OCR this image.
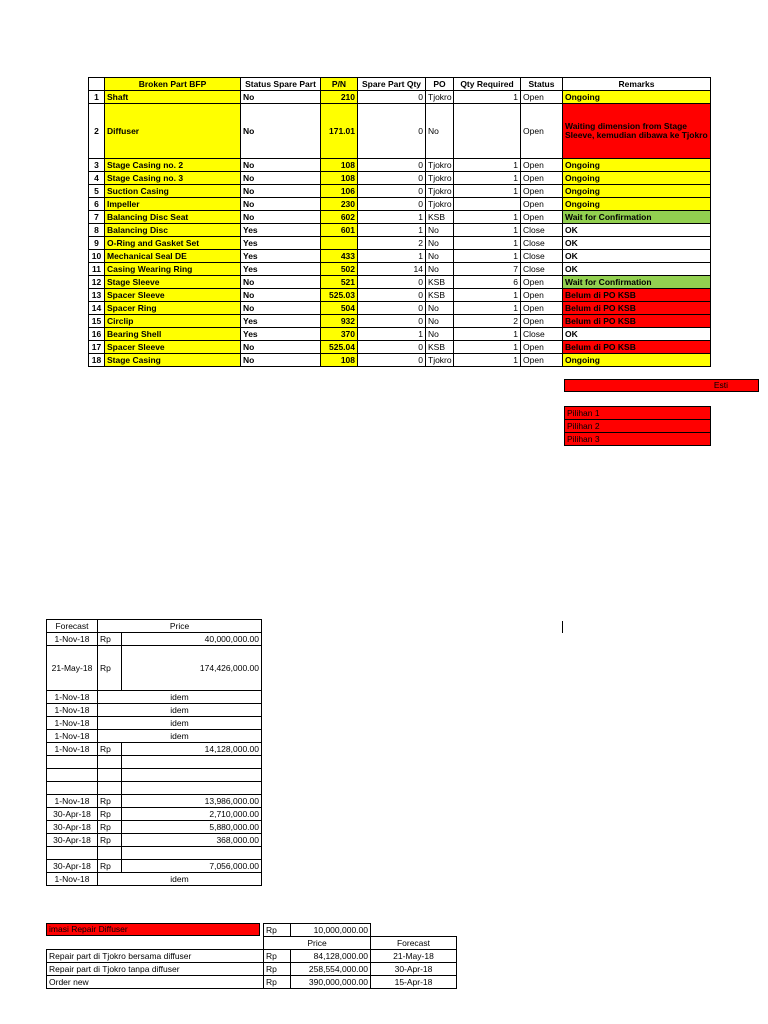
	Broken Part BFP	Status Spare Part	P/N	Spare Part Qty	PO	Qty Required	Status	Remarks
1	Shaft	No	210	0	Tjokro	1	Open	Ongoing
2	Diffuser	No	171.01	0	No		Open	Waiting dimension from Stage Sleeve, kemudian dibawa ke Tjokro
3	Stage Casing no. 2	No	108	0	Tjokro	1	Open	Ongoing
4	Stage Casing no. 3	No	108	0	Tjokro	1	Open	Ongoing
5	Suction Casing	No	106	0	Tjokro	1	Open	Ongoing
6	Impeller	No	230	0	Tjokro		Open	Ongoing
7	Balancing Disc Seat	No	602	1	KSB	1	Open	Wait for Confirmation
8	Balancing Disc	Yes	601	1	No	1	Close	OK
9	O-Ring and Gasket Set	Yes		2	No	1	Close	OK
10	Mechanical Seal DE	Yes	433	1	No	1	Close	OK
11	Casing Wearing Ring	Yes	502	14	No	7	Close	OK
12	Stage Sleeve	No	521	0	KSB	6	Open	Wait for Confirmation
13	Spacer Sleeve	No	525.03	0	KSB	1	Open	Belum di PO KSB
14	Spacer Ring	No	504	0	No	1	Open	Belum di PO KSB
15	Circlip	Yes	932	0	No	2	Open	Belum di PO KSB
16	Bearing Shell	Yes	370	1	No	1	Close	OK
17	Spacer Sleeve	No	525.04	0	KSB	1	Open	Belum di PO KSB
18	Stage Casing	No	108	0	Tjokro	1	Open	Ongoing
Esti
Pilihan 1
Pilihan 2
Pilihan 3
Forecast	Price	
1-Nov-18	Rp	40,000,000.00
21-May-18	Rp	174,426,000.00
1-Nov-18	idem	
1-Nov-18	idem	
1-Nov-18	idem	
1-Nov-18	idem	
1-Nov-18	Rp	14,128,000.00

1-Nov-18	Rp	13,986,000.00
30-Apr-18	Rp	2,710,000.00
30-Apr-18	Rp	5,880,000.00
30-Apr-18	Rp	368,000.00

30-Apr-18	Rp	7,056,000.00
1-Nov-18	idem	
imasi Repair Diffuser	Rp	10,000,000.00
	Price		Forecast
Repair part di Tjokro bersama diffuser	Rp	84,128,000.00	21-May-18
Repair part di Tjokro tanpa diffuser	Rp	258,554,000.00	30-Apr-18
Order new	Rp	390,000,000.00	15-Apr-18
